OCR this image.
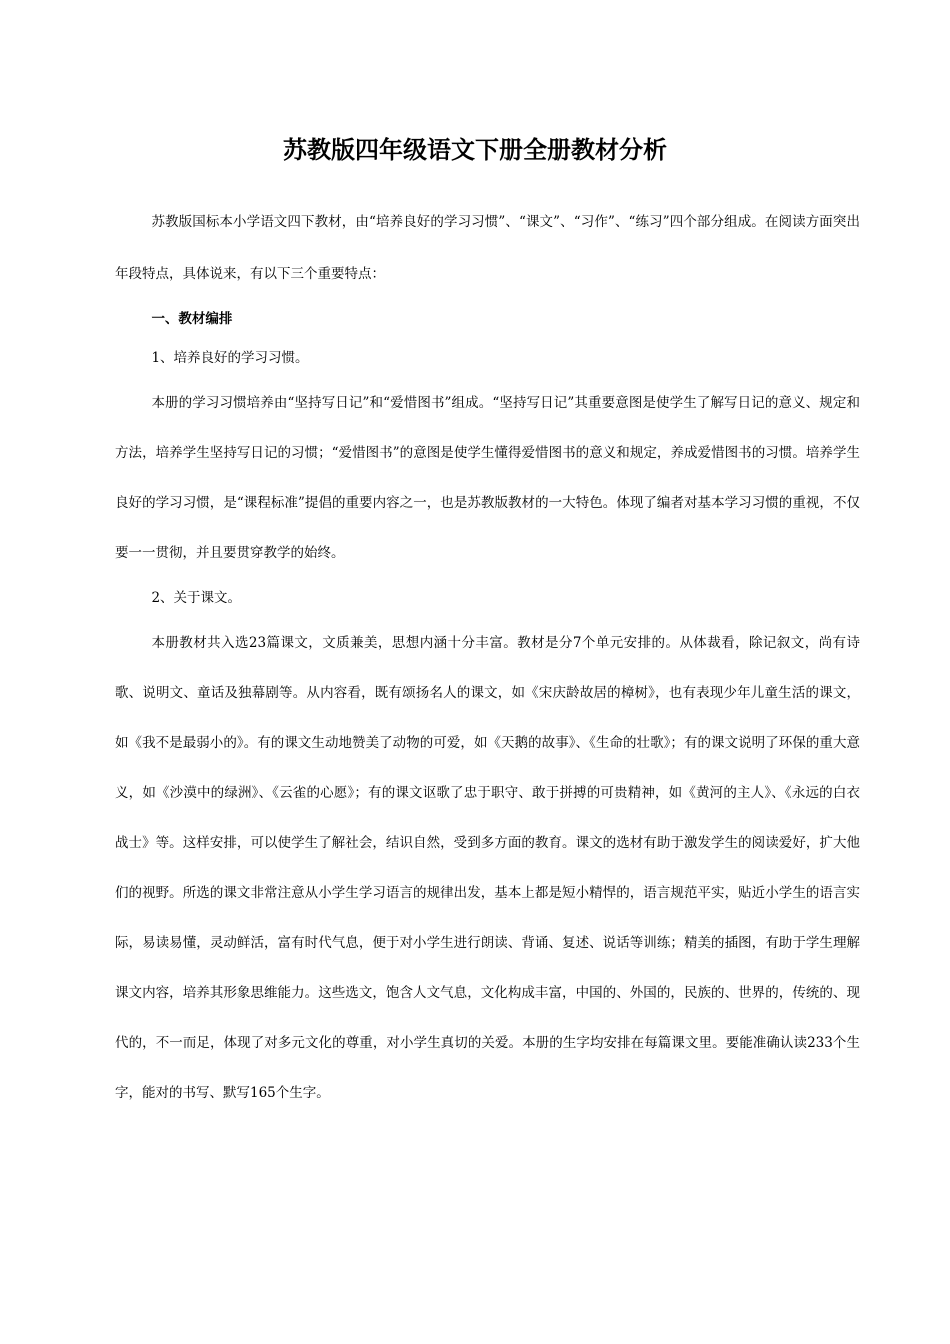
苏教版四年级语文下册全册教材分析

苏教版国标本小学语文四下教材，由“培养良好的学习习惯”、“课文”、“习作”、“练习”四个部分组成。在阅读方面突出年段特点，具体说来，有以下三个重要特点：

一、教材编排

1、培养良好的学习习惯。

本册的学习习惯培养由“坚持写日记”和“爱惜图书”组成。“坚持写日记”其重要意图是使学生了解写日记的意义、规定和方法，培养学生坚持写日记的习惯；“爱惜图书”的意图是使学生懂得爱惜图书的意义和规定，养成爱惜图书的习惯。培养学生良好的学习习惯，是“课程标准”提倡的重要内容之一，也是苏教版教材的一大特色。体现了编者对基本学习习惯的重视，不仅要一一贯彻，并且要贯穿教学的始终。

2、关于课文。

本册教材共入选23篇课文，文质兼美，思想内涵十分丰富。教材是分7个单元安排的。从体裁看，除记叙文，尚有诗歌、说明文、童话及独幕剧等。从内容看，既有颂扬名人的课文，如《宋庆龄故居的樟树》，也有表现少年儿童生活的课文，如《我不是最弱小的》。有的课文生动地赞美了动物的可爱，如《天鹅的故事》、《生命的壮歌》；有的课文说明了环保的重大意义，如《沙漠中的绿洲》、《云雀的心愿》；有的课文讴歌了忠于职守、敢于拼搏的可贵精神，如《黄河的主人》、《永远的白衣战士》等。这样安排，可以使学生了解社会，结识自然，受到多方面的教育。课文的选材有助于激发学生的阅读爱好，扩大他们的视野。所选的课文非常注意从小学生学习语言的规律出发，基本上都是短小精悍的，语言规范平实，贴近小学生的语言实际，易读易懂，灵动鲜活，富有时代气息，便于对小学生进行朗读、背诵、复述、说话等训练；精美的插图，有助于学生理解课文内容，培养其形象思维能力。这些选文，饱含人文气息，文化构成丰富，中国的、外国的，民族的、世界的，传统的、现代的，不一而足，体现了对多元文化的尊重，对小学生真切的关爱。本册的生字均安排在每篇课文里。要能准确认读233个生字，能对的书写、默写165个生字。
